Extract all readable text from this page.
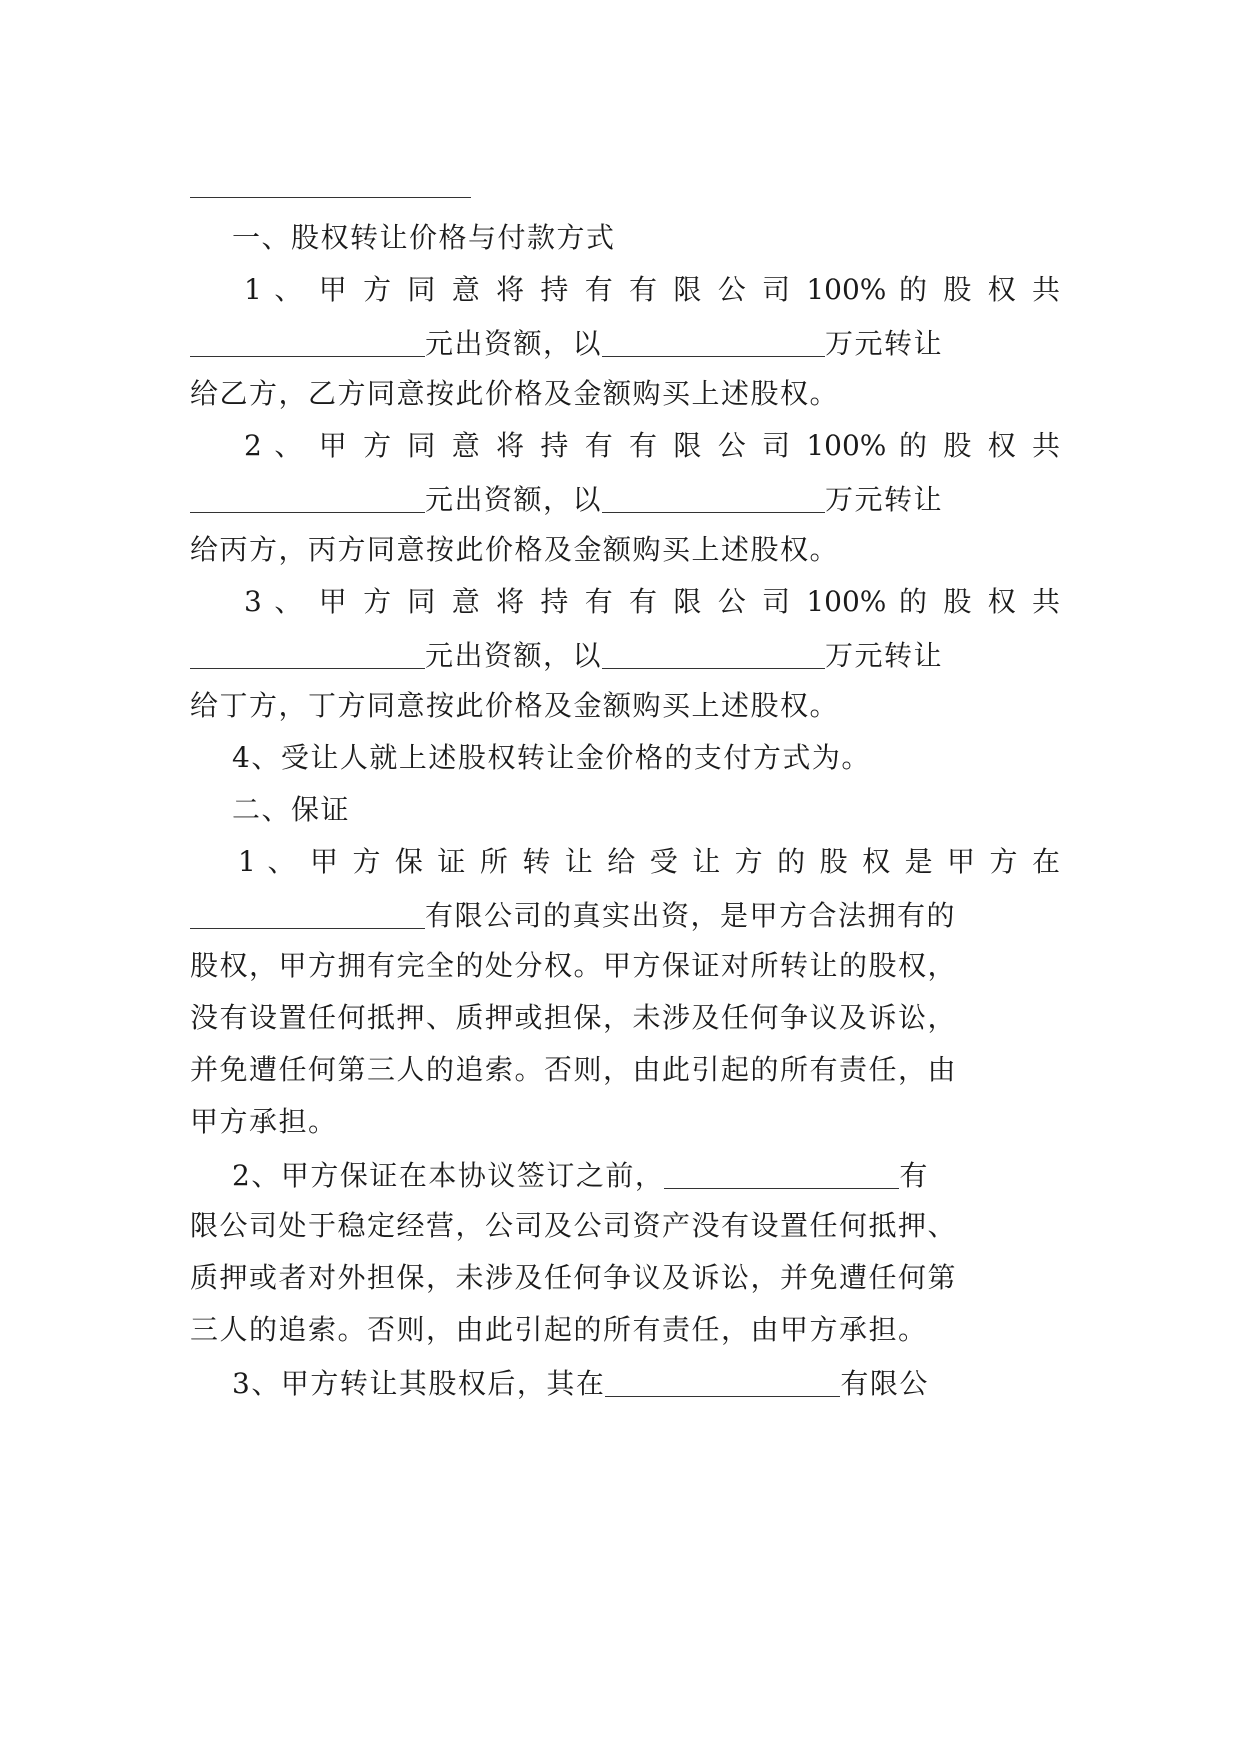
一、股权转让价格与付款方式
1 、 甲 方 同 意 将 持 有 有 限 公 司 100% 的 股 权 共
元出资额，以	万元转让
给乙方，乙方同意按此价格及金额购买上述股权。
2 、 甲 方 同 意 将 持 有 有 限 公 司 100% 的 股 权 共
元出资额，以	万元转让
给丙方，丙方同意按此价格及金额购买上述股权。
3 、 甲 方 同 意 将 持 有 有 限 公 司 100% 的 股 权 共
元出资额，以	万元转让
给丁方，丁方同意按此价格及金额购买上述股权。
4、受让人就上述股权转让金价格的支付方式为。
二、保证
1 、 甲 方 保 证 所 转 让 给 受 让 方 的 股 权 是 甲 方 在
有限公司的真实出资，是甲方合法拥有的
股权，甲方拥有完全的处分权。甲方保证对所转让的股权，
没有设置任何抵押、质押或担保，未涉及任何争议及诉讼，
并免遭任何第三人的追索。否则，由此引起的所有责任，由
甲方承担。
2、甲方保证在本协议签订之前，	有
限公司处于稳定经营，公司及公司资产没有设置任何抵押、
质押或者对外担保，未涉及任何争议及诉讼，并免遭任何第
三人的追索。否则，由此引起的所有责任，由甲方承担。
3、甲方转让其股权后，其在	有限公
